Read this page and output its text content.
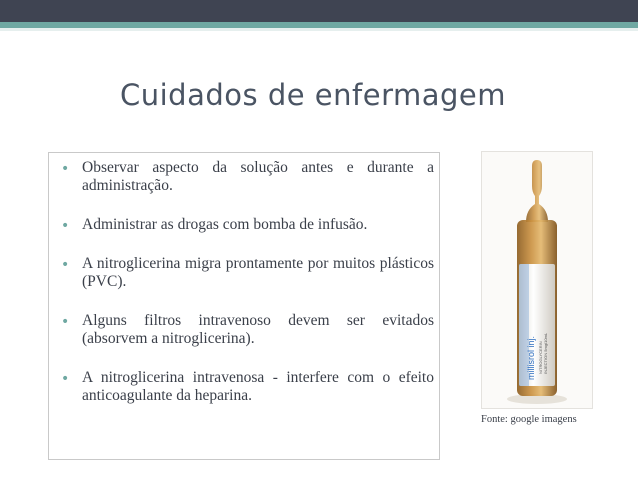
Cuidados de enfermagem
• Observar aspecto da solução antes e durante a administração.
• Administrar as drogas com bomba de infusão.
• A nitroglicerina migra prontamente por muitos plásticos (PVC).
• Alguns filtros intravenoso devem ser evitados (absorvem a nitroglicerina).
• A nitroglicerina intravenosa - interfere com o efeito anticoagulante da heparina.
millisrol inj. NITROGLYCERIN INJECTION 5mg/10mL
Fonte: google imagens
